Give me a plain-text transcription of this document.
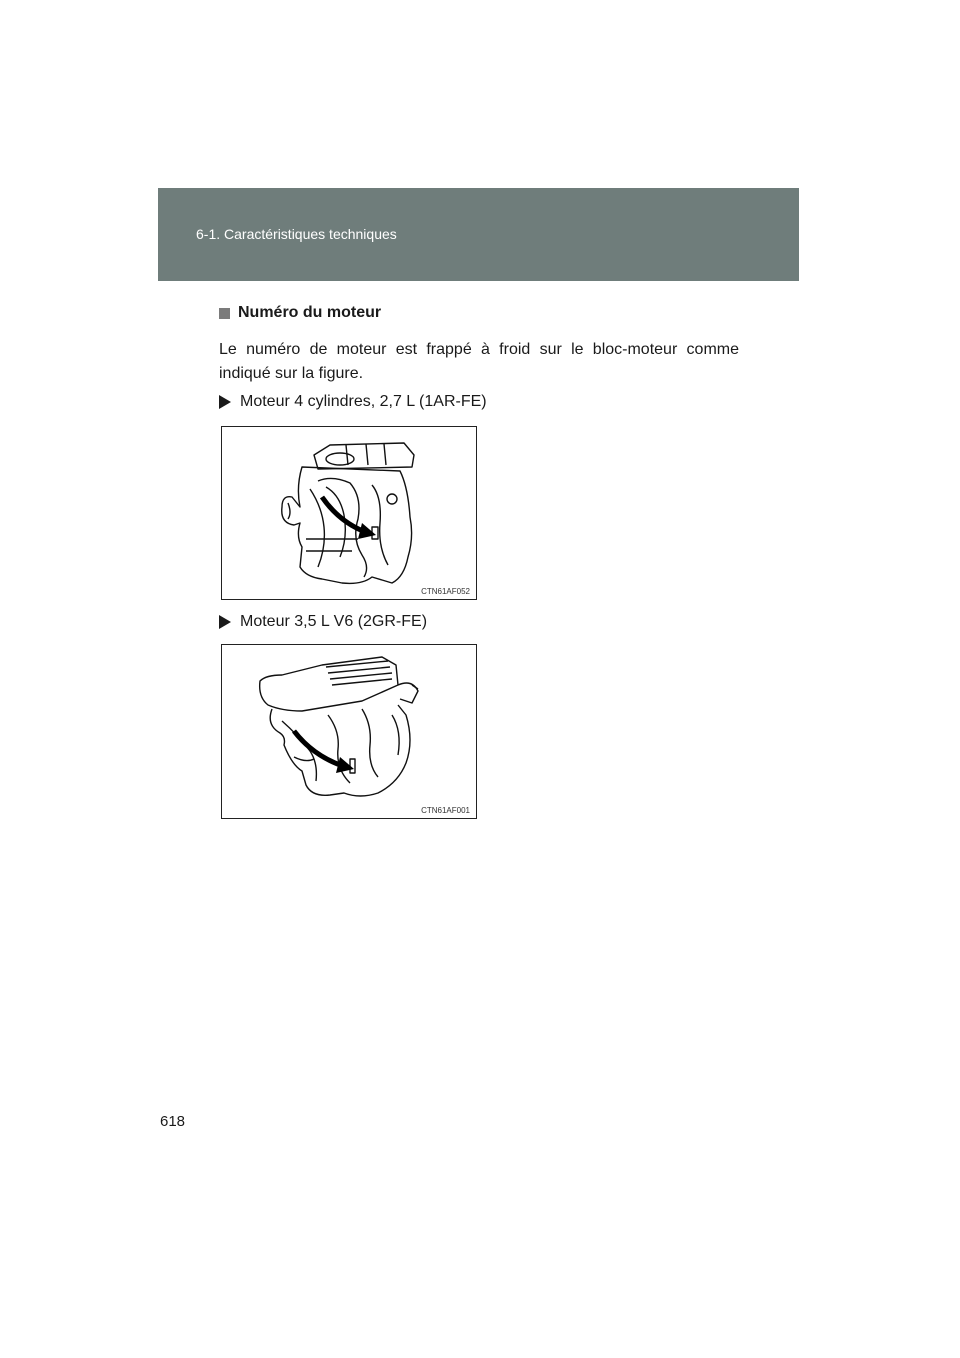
6-1. Caractéristiques techniques
Numéro du moteur
Le numéro de moteur est frappé à froid sur le bloc-moteur comme indiqué sur la figure.
Moteur 4 cylindres, 2,7 L (1AR-FE)
CTN61AF052
Moteur 3,5 L V6 (2GR-FE)
CTN61AF001
618
